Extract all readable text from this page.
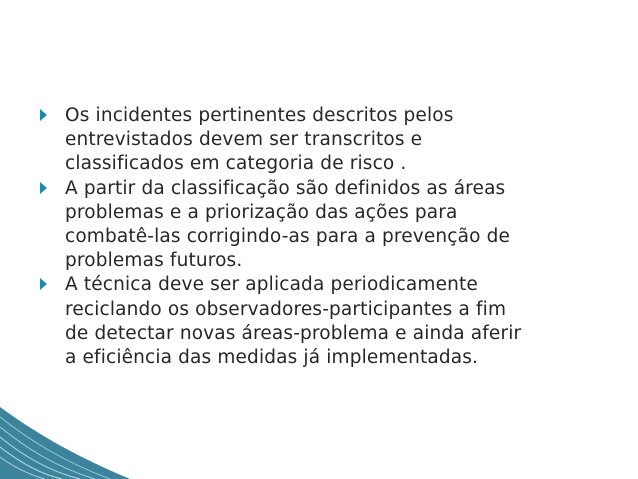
Os incidentes pertinentes descritos pelos
entrevistados devem ser transcritos e
classificados em categoria de risco .
A partir da classificação são definidos as áreas
problemas e a priorização das ações para
combatê-las corrigindo-as para a prevenção de
problemas futuros.
A técnica deve ser aplicada periodicamente
reciclando os observadores-participantes a fim
de detectar novas áreas-problema e ainda aferir
a eficiência das medidas já implementadas.
